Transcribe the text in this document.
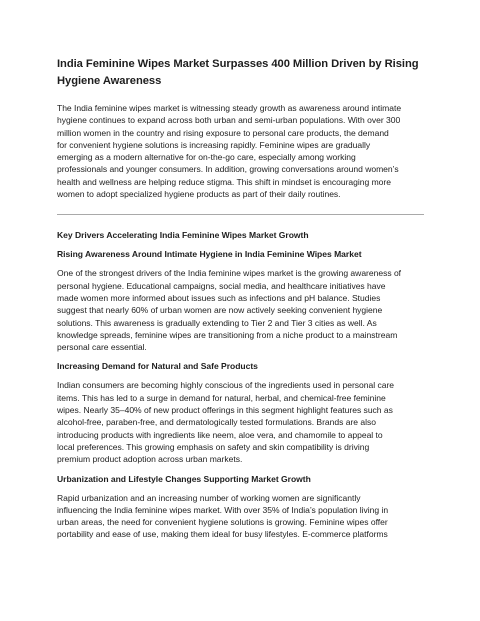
India Feminine Wipes Market Surpasses 400 Million Driven by Rising
Hygiene Awareness

The India feminine wipes market is witnessing steady growth as awareness around intimate
hygiene continues to expand across both urban and semi-urban populations. With over 300
million women in the country and rising exposure to personal care products, the demand
for convenient hygiene solutions is increasing rapidly. Feminine wipes are gradually
emerging as a modern alternative for on-the-go care, especially among working
professionals and younger consumers. In addition, growing conversations around women’s
health and wellness are helping reduce stigma. This shift in mindset is encouraging more
women to adopt specialized hygiene products as part of their daily routines.

Key Drivers Accelerating India Feminine Wipes Market Growth
Rising Awareness Around Intimate Hygiene in India Feminine Wipes Market

One of the strongest drivers of the India feminine wipes market is the growing awareness of
personal hygiene. Educational campaigns, social media, and healthcare initiatives have
made women more informed about issues such as infections and pH balance. Studies
suggest that nearly 60% of urban women are now actively seeking convenient hygiene
solutions. This awareness is gradually extending to Tier 2 and Tier 3 cities as well. As
knowledge spreads, feminine wipes are transitioning from a niche product to a mainstream
personal care essential.

Increasing Demand for Natural and Safe Products

Indian consumers are becoming highly conscious of the ingredients used in personal care
items. This has led to a surge in demand for natural, herbal, and chemical-free feminine
wipes. Nearly 35–40% of new product offerings in this segment highlight features such as
alcohol-free, paraben-free, and dermatologically tested formulations. Brands are also
introducing products with ingredients like neem, aloe vera, and chamomile to appeal to
local preferences. This growing emphasis on safety and skin compatibility is driving
premium product adoption across urban markets.

Urbanization and Lifestyle Changes Supporting Market Growth

Rapid urbanization and an increasing number of working women are significantly
influencing the India feminine wipes market. With over 35% of India’s population living in
urban areas, the need for convenient hygiene solutions is growing. Feminine wipes offer
portability and ease of use, making them ideal for busy lifestyles. E-commerce platforms
